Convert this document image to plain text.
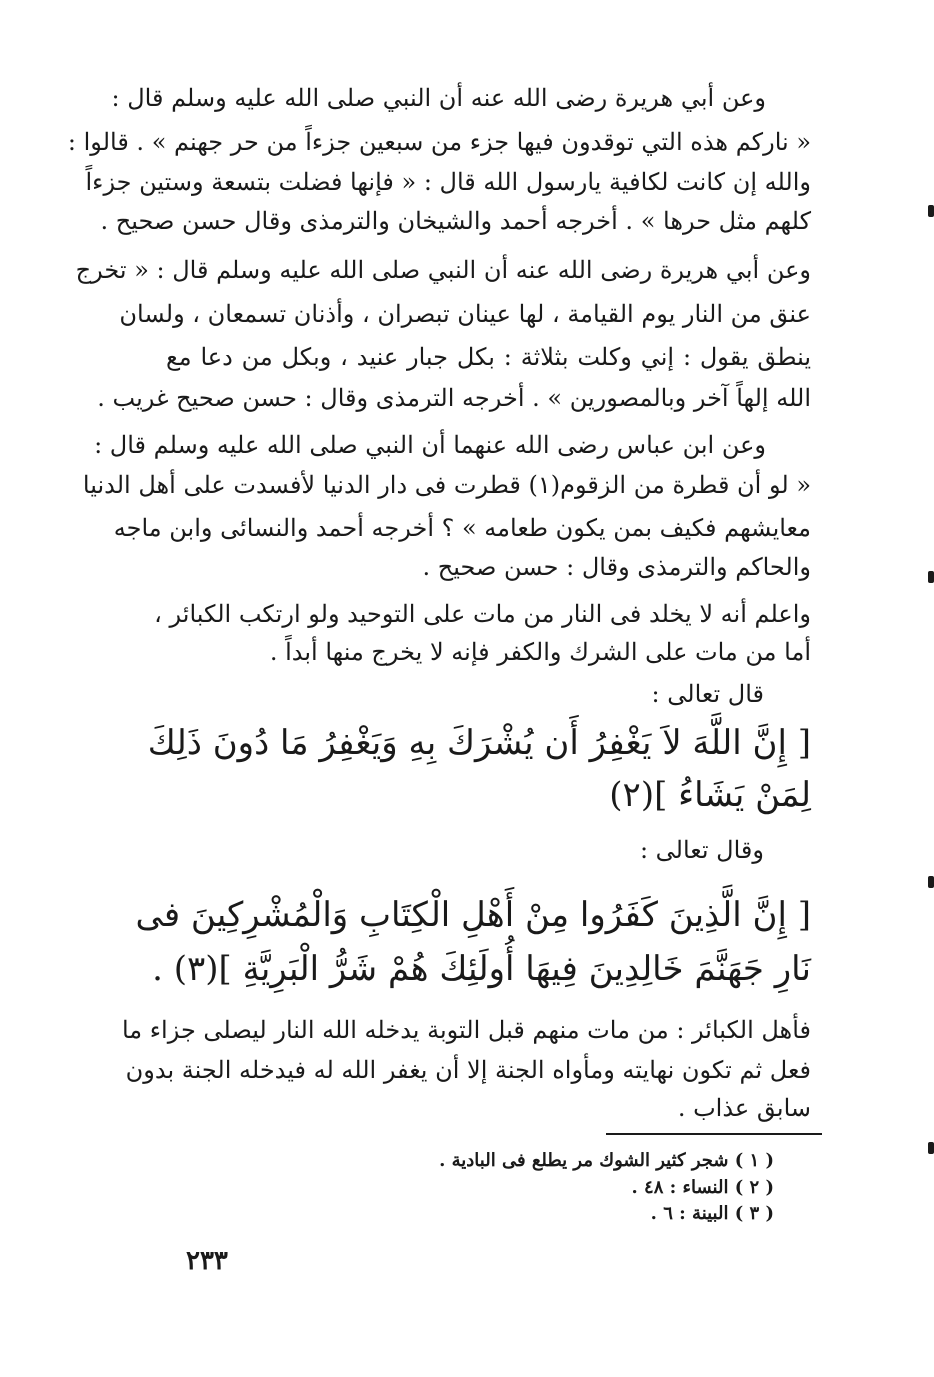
وعن أبي هريرة رضى الله عنه أن النبي صلى الله عليه وسلم قال :
« ناركم هذه التي توقدون فيها جزء من سبعين جزءاً من حر جهنم » . قالوا :
والله إن كانت لكافية يارسول الله قال : « فإنها فضلت بتسعة وستين جزءاً
كلهم مثل حرها » . أخرجه أحمد والشيخان والترمذى وقال حسن صحيح .
وعن أبي هريرة رضى الله عنه أن النبي صلى الله عليه وسلم قال : « تخرج
عنق من النار يوم القيامة ، لها عينان تبصران ، وأذنان تسمعان ، ولسان
ينطق يقول : إني وكلت بثلاثة : بكل جبار عنيد ، وبكل من دعا مع
الله إلهاً آخر وبالمصورين » . أخرجه الترمذى وقال : حسن صحيح غريب .
وعن ابن عباس رضى الله عنهما أن النبي صلى الله عليه وسلم قال :
« لو أن قطرة من الزقوم(١) قطرت فى دار الدنيا لأفسدت على أهل الدنيا
معايشهم فكيف بمن يكون طعامه » ؟ أخرجه أحمد والنسائى وابن ماجه
والحاكم والترمذى وقال : حسن صحيح .
واعلم أنه لا يخلد فى النار من مات على التوحيد ولو ارتكب الكبائر ،
أما من مات على الشرك والكفر فإنه لا يخرج منها أبداً .
قال تعالى :
[ إِنَّ اللَّهَ لاَ يَغْفِرُ أَن يُشْرَكَ بِهِ وَيَغْفِرُ مَا دُونَ ذَلِكَ
لِمَنْ يَشَاءُ ](٢)
وقال تعالى :
[ إِنَّ الَّذِينَ كَفَرُوا مِنْ أَهْلِ الْكِتَابِ وَالْمُشْرِكِينَ فى
نَارِ جَهَنَّمَ خَالِدِينَ فِيهَا أُولَئِكَ هُمْ شَرُّ الْبَرِيَّةِ ](٣) .
فأهل الكبائر : من مات منهم قبل التوبة يدخله الله النار ليصلى جزاء ما
فعل ثم تكون نهايته ومأواه الجنة إلا أن يغفر الله له فيدخله الجنة بدون
سابق عذاب .
( ١ ) شجر كثير الشوك مر يطلع فى البادية .
( ٢ ) النساء : ٤٨ .
( ٣ ) البينة : ٦ .
٢٣٣
